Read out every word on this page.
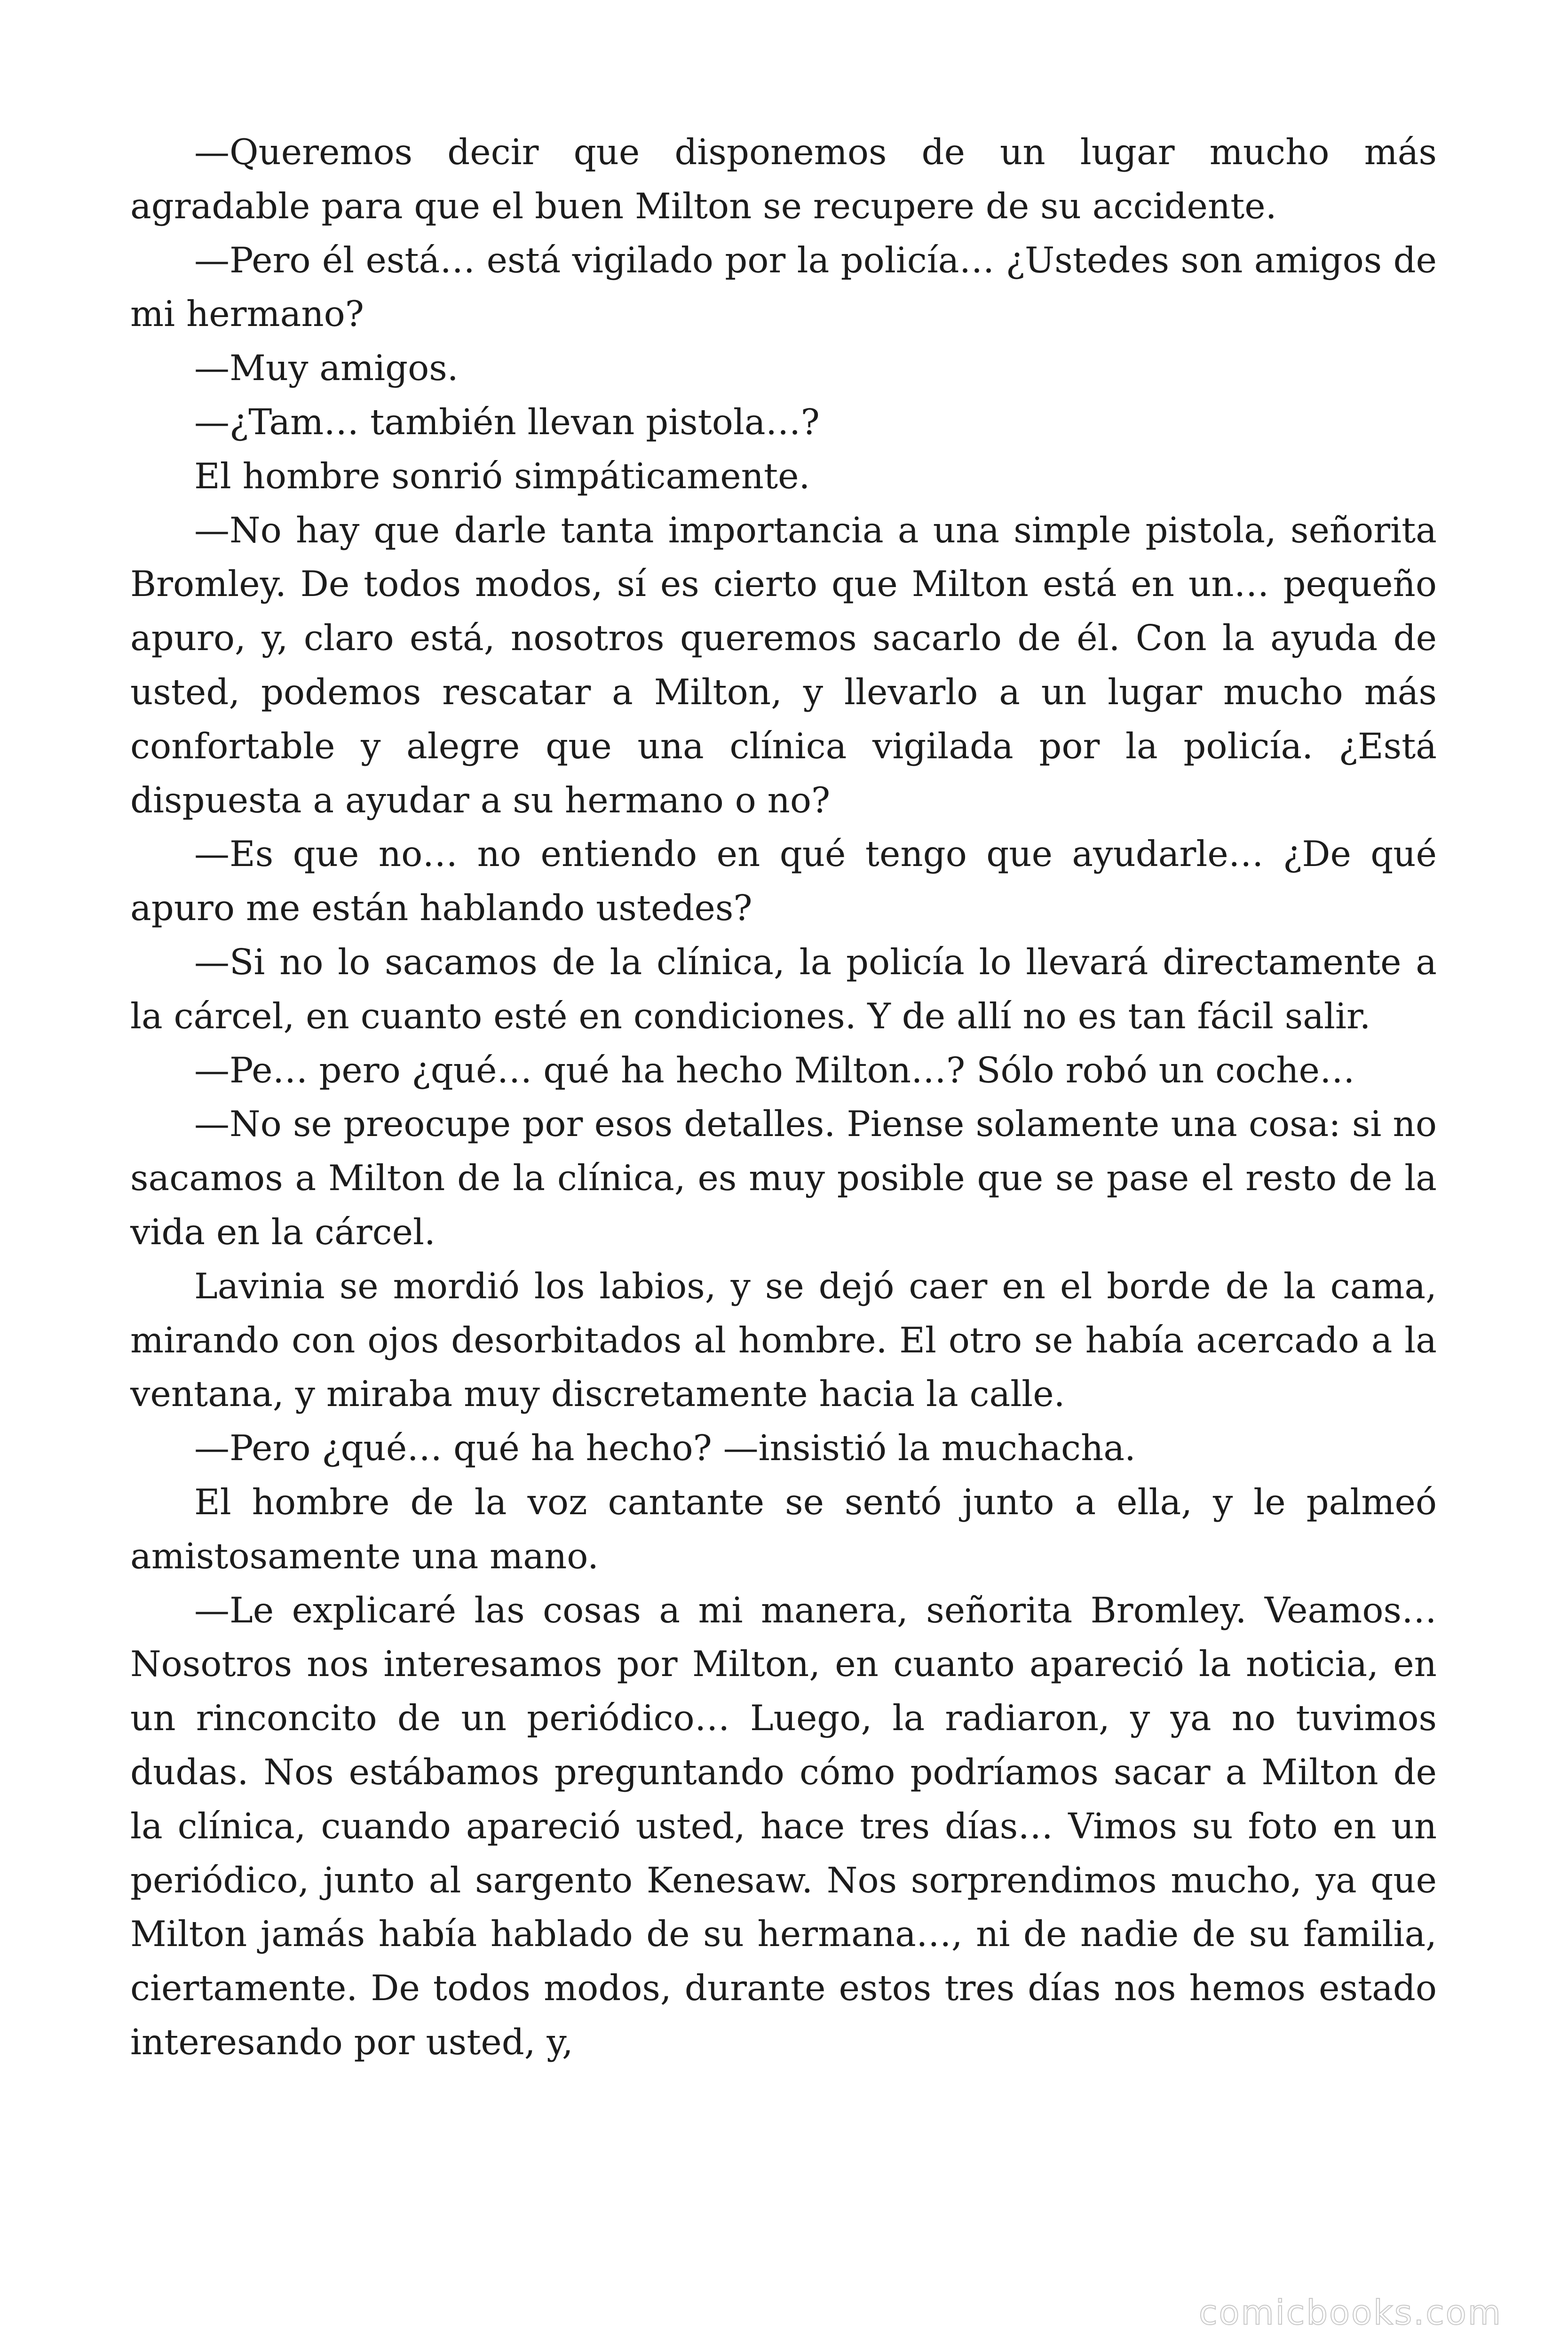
—Queremos decir que disponemos de un lugar mucho más agradable para que el buen Milton se recupere de su accidente.

—Pero él está… está vigilado por la policía… ¿Ustedes son amigos de mi hermano?

—Muy amigos.

—¿Tam… también llevan pistola…?

El hombre sonrió simpáticamente.

—No hay que darle tanta importancia a una simple pistola, señorita Bromley. De todos modos, sí es cierto que Milton está en un… pequeño apuro, y, claro está, nosotros queremos sacarlo de él. Con la ayuda de usted, podemos rescatar a Milton, y llevarlo a un lugar mucho más confortable y alegre que una clínica vigilada por la policía. ¿Está dispuesta a ayudar a su hermano o no?

—Es que no… no entiendo en qué tengo que ayudarle… ¿De qué apuro me están hablando ustedes?

—Si no lo sacamos de la clínica, la policía lo llevará directamente a la cárcel, en cuanto esté en condiciones. Y de allí no es tan fácil salir.

—Pe… pero ¿qué… qué ha hecho Milton…? Sólo robó un coche…

—No se preocupe por esos detalles. Piense solamente una cosa: si no sacamos a Milton de la clínica, es muy posible que se pase el resto de la vida en la cárcel.

Lavinia se mordió los labios, y se dejó caer en el borde de la cama, mirando con ojos desorbitados al hombre. El otro se había acercado a la ventana, y miraba muy discretamente hacia la calle.

—Pero ¿qué… qué ha hecho? —insistió la muchacha.

El hombre de la voz cantante se sentó junto a ella, y le palmeó amistosamente una mano.

—Le explicaré las cosas a mi manera, señorita Bromley. Veamos… Nosotros nos interesamos por Milton, en cuanto apareció la noticia, en un rinconcito de un periódico… Luego, la radiaron, y ya no tuvimos dudas. Nos estábamos preguntando cómo podríamos sacar a Milton de la clínica, cuando apareció usted, hace tres días… Vimos su foto en un periódico, junto al sargento Kenesaw. Nos sorprendimos mucho, ya que Milton jamás había hablado de su hermana…, ni de nadie de su familia, ciertamente. De todos modos, durante estos tres días nos hemos estado interesando por usted, y,

comicbooks.com
